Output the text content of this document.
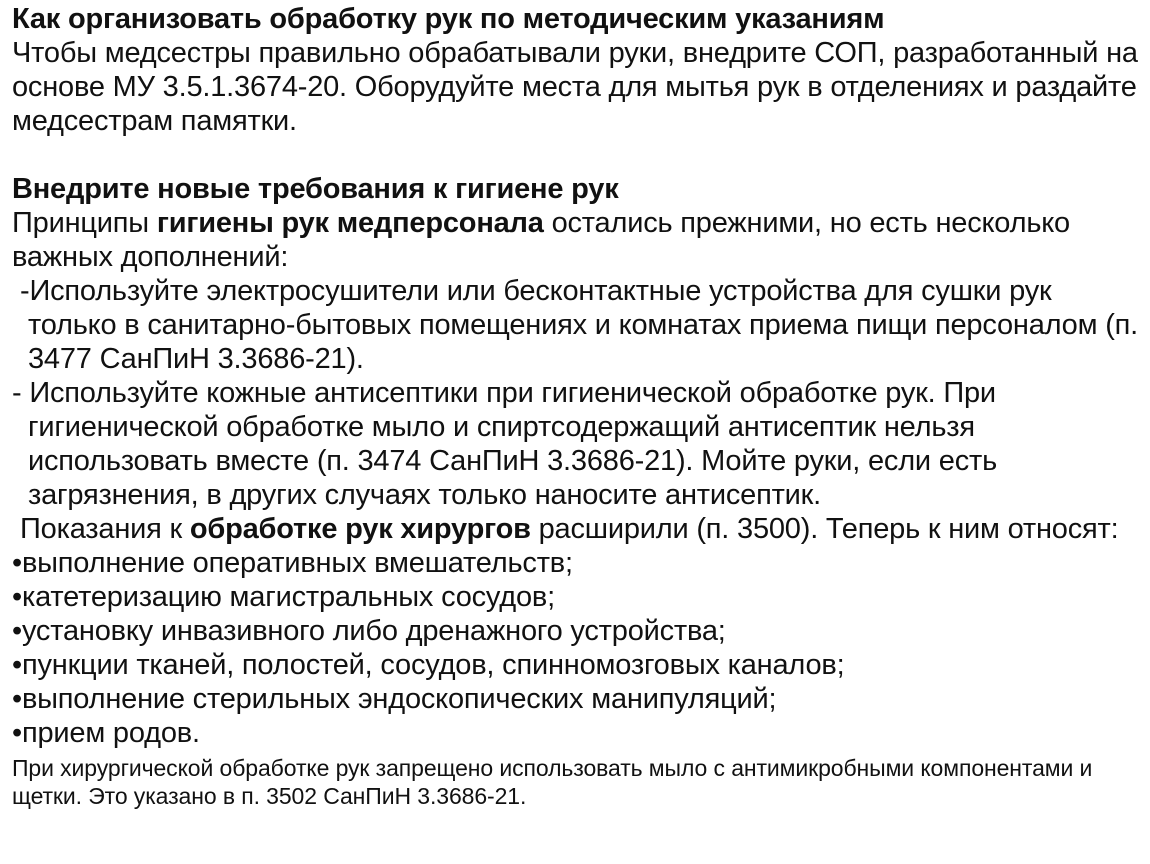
Как организовать обработку рук по методическим указаниям

Чтобы медсестры правильно обрабатывали руки, внедрите СОП, разработанный на основе МУ 3.5.1.3674-20. Оборудуйте места для мытья рук в отделениях и раздайте медсестрам памятки.

Внедрите новые требования к гигиене рук

Принципы гигиены рук медперсонала остались прежними, но есть несколько важных дополнений:

-Используйте электросушители или бесконтактные устройства для сушки рук только в санитарно-бытовых помещениях и комнатах приема пищи персоналом (п. 3477 СанПиН 3.3686-21).

- Используйте кожные антисептики при гигиенической обработке рук. При гигиенической обработке мыло и спиртсодержащий антисептик нельзя использовать вместе (п. 3474 СанПиН 3.3686-21). Мойте руки, если есть загрязнения, в других случаях только наносите антисептик.

Показания к обработке рук хирургов расширили (п. 3500). Теперь к ним относят:

•выполнение оперативных вмешательств;
•катетеризацию магистральных сосудов;
•установку инвазивного либо дренажного устройства;
•пункции тканей, полостей, сосудов, спинномозговых каналов;
•выполнение стерильных эндоскопических манипуляций;
•прием родов.

При хирургической обработке рук запрещено использовать мыло с антимикробными компонентами и щетки. Это указано в п. 3502 СанПиН 3.3686-21.
